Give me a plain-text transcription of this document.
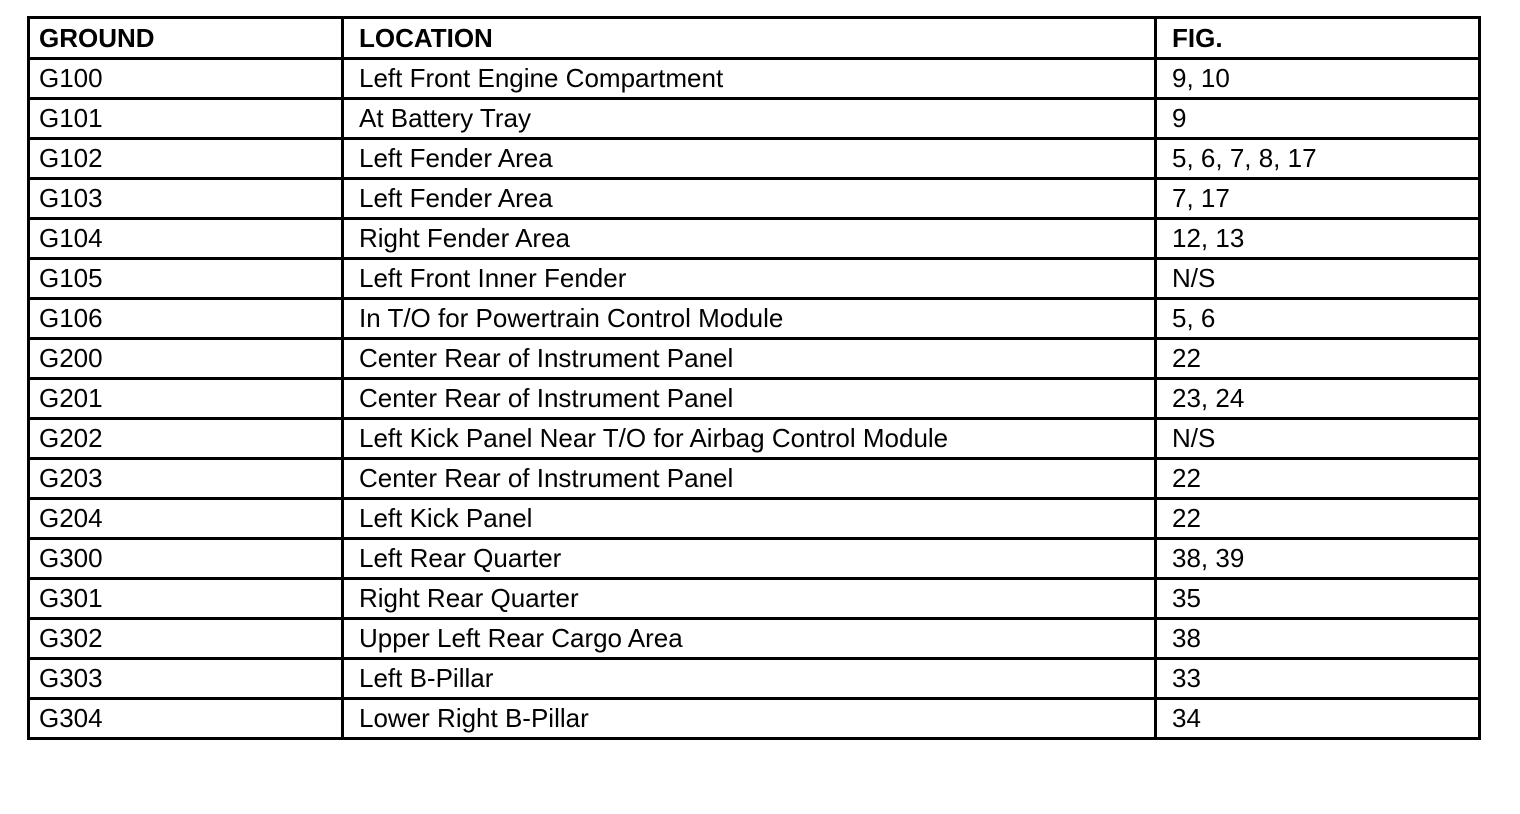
GROUND	LOCATION	FIG.
G100	Left Front Engine Compartment	9, 10
G101	At Battery Tray	9
G102	Left Fender Area	5, 6, 7, 8, 17
G103	Left Fender Area	7, 17
G104	Right Fender Area	12, 13
G105	Left Front Inner Fender	N/S
G106	In T/O for Powertrain Control Module	5, 6
G200	Center Rear of Instrument Panel	22
G201	Center Rear of Instrument Panel	23, 24
G202	Left Kick Panel Near T/O for Airbag Control Module	N/S
G203	Center Rear of Instrument Panel	22
G204	Left Kick Panel	22
G300	Left Rear Quarter	38, 39
G301	Right Rear Quarter	35
G302	Upper Left Rear Cargo Area	38
G303	Left B-Pillar	33
G304	Lower Right B-Pillar	34
